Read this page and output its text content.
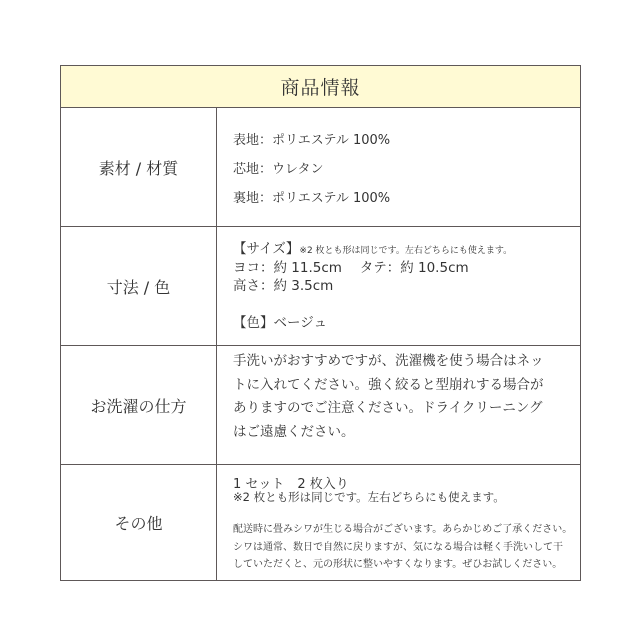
商品情報
素材 / 材質
表地：ポリエステル 100%
芯地：ウレタン
裏地：ポリエステル 100%
寸法 / 色
【サイズ】※2 枚とも形は同じです。左右どちらにも使えます。
ヨコ：約 11.5cm　 タテ：約 10.5cm
高さ：約 3.5cm
【色】ベージュ
お洗濯の仕方
手洗いがおすすめですが、洗濯機を使う場合はネッ
トに入れてください。強く絞ると型崩れする場合が
ありますのでご注意ください。ドライクリーニング
はご遠慮ください。
その他
1 セット　2 枚入り
※2 枚とも形は同じです。左右どちらにも使えます。
配送時に畳みシワが生じる場合がございます。あらかじめご了承ください。
シワは通常、数日で自然に戻りますが、気になる場合は軽く手洗いして干
していただくと、元の形状に整いやすくなります。ぜひお試しください。
